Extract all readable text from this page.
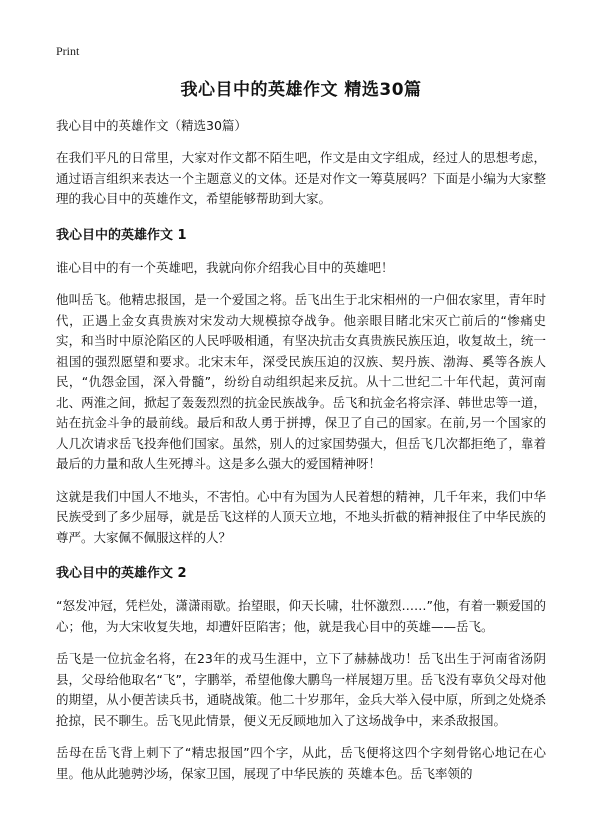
Print
我心目中的英雄作文 精选30篇
我心目中的英雄作文（精选30篇）

在我们平凡的日常里，大家对作文都不陌生吧，作文是由文字组成，经过人的思想考虑，通过语言组织来表达一个主题意义的文体。还是对作文一筹莫展吗？下面是小编为大家整理的我心目中的英雄作文，希望能够帮助到大家。

我心目中的英雄作文 1

谁心目中的有一个英雄吧，我就向你介绍我心目中的英雄吧！

他叫岳飞。他精忠报国，是一个爱国之将。岳飞出生于北宋相州的一户佃农家里，青年时代，正遇上金女真贵族对宋发动大规模掠夺战争。他亲眼目睹北宋灭亡前后的“惨痛史实，和当时中原沦陷区的人民呼吸相通，有坚决抗击女真贵族民族压迫，收复故土，统一祖国的强烈愿望和要求。北宋末年，深受民族压迫的汉族、契丹族、渤海、奚等各族人民，“仇怨金国，深入骨髓”，纷纷自动组织起来反抗。从十二世纪二十年代起，黄河南北、两淮之间，掀起了轰轰烈烈的抗金民族战争。岳飞和抗金名将宗泽、韩世忠等一道，站在抗金斗争的最前线。最后和敌人勇于拼搏，保卫了自己的国家。在前,另一个国家的人几次请求岳飞投奔他们国家。虽然，别人的过家国势强大，但岳飞几次都拒绝了，靠着最后的力量和敌人生死搏斗。这是多么强大的爱国精神呀！

这就是我们中国人不地头，不害怕。心中有为国为人民着想的精神，几千年来，我们中华民族受到了多少屈辱，就是岳飞这样的人顶天立地，不地头折截的精神报住了中华民族的尊严。大家佩不佩服这样的人？

我心目中的英雄作文 2

“怒发冲冠，凭栏处，潇潇雨歇。抬望眼，仰天长啸，壮怀激烈……”他，有着一颗爱国的心；他，为大宋收复失地，却遭奸臣陷害；他，就是我心目中的英雄——岳飞。

岳飞是一位抗金名将，在23年的戎马生涯中，立下了赫赫战功！岳飞出生于河南省汤阴县，父母给他取名“飞”，字鹏举，希望他像大鹏鸟一样展翅万里。岳飞没有辜负父母对他的期望，从小便苦读兵书，通晓战策。他二十岁那年，金兵大举入侵中原，所到之处烧杀抢掠，民不聊生。岳飞见此情景，便义无反顾地加入了这场战争中，来杀敌报国。

岳母在岳飞背上刺下了“精忠报国”四个字，从此，岳飞便将这四个字刻骨铭心地记在心里。他从此驰骋沙场，保家卫国，展现了中华民族的 英雄本色。岳飞率领的
